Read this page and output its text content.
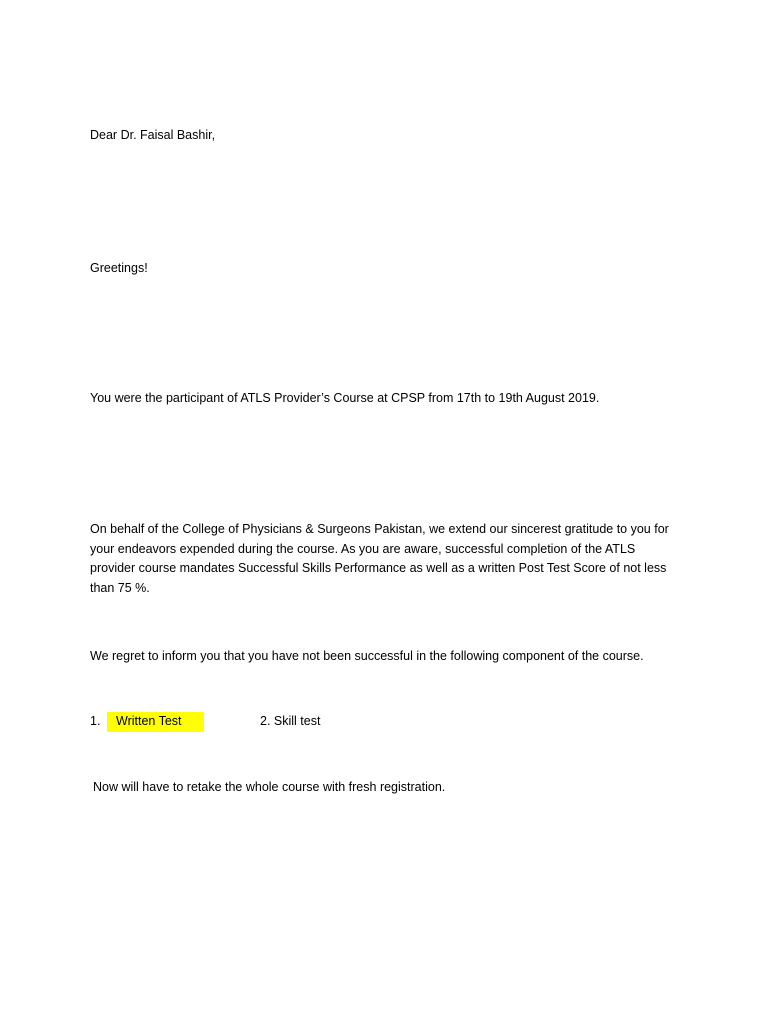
Dear Dr. Faisal Bashir,
Greetings!
You were the participant of ATLS Provider’s Course at CPSP from 17th to 19th August 2019.
On behalf of the College of Physicians & Surgeons Pakistan, we extend our sincerest gratitude to you for
your endeavors expended during the course. As you are aware, successful completion of the ATLS
provider course mandates Successful Skills Performance as well as a written Post Test Score of not less
than 75 %.
We regret to inform you that you have not been successful in the following component of the course.
1. Written Test	2. Skill test
Now will have to retake the whole course with fresh registration.
